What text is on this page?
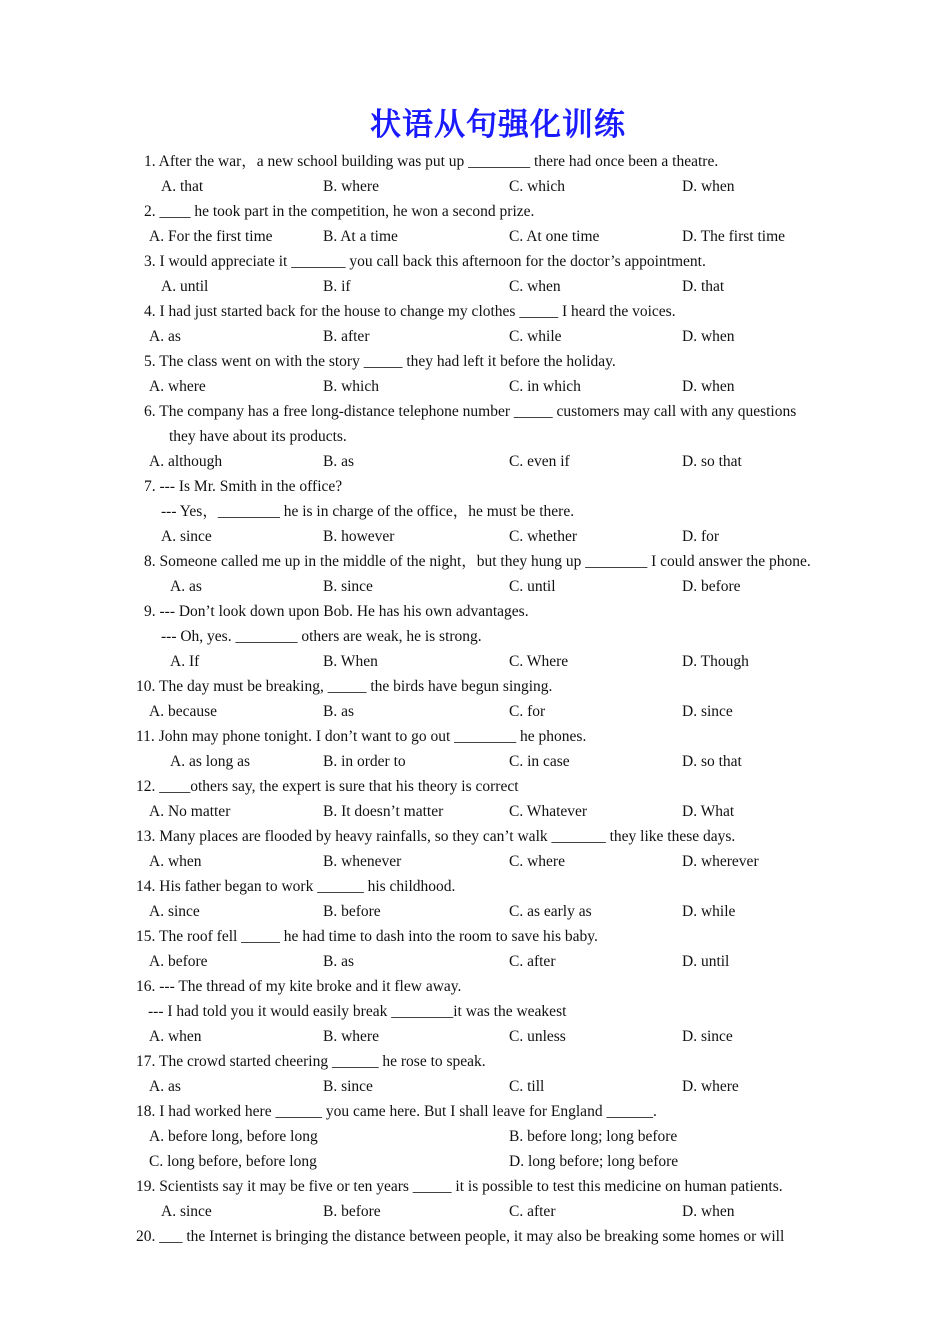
状语从句强化训练
1. After the war，a new school building was put up ________ there had once been a theatre.
A. that	B. where	C. which	D. when
2. ____ he took part in the competition, he won a second prize.
A. For the first time	B. At a time	C. At one time	D. The first time
3. I would appreciate it _______ you call back this afternoon for the doctor’s appointment.
A. until	B. if	C. when	D. that
4. I had just started back for the house to change my clothes _____ I heard the voices.
A. as	B. after	C. while	D. when
5. The class went on with the story _____ they had left it before the holiday.
A. where	B. which	C. in which	D. when
6. The company has a free long-distance telephone number _____ customers may call with any questions
they have about its products.
A. although	B. as	C. even if	D. so that
7. --- Is Mr. Smith in the office?
--- Yes，________ he is in charge of the office，he must be there.
A. since	B. however	C. whether	D. for
8. Someone called me up in the middle of the night，but they hung up ________ I could answer the phone.
A. as	B. since	C. until	D. before
9. --- Don’t look down upon Bob. He has his own advantages.
--- Oh, yes. ________ others are weak, he is strong.
A. If	B. When	C. Where	D. Though
10. The day must be breaking, _____ the birds have begun singing.
A. because	B. as	C. for	D. since
11. John may phone tonight. I don’t want to go out ________ he phones.
A. as long as	B. in order to	C. in case	D. so that
12. ____others say, the expert is sure that his theory is correct
A. No matter	B. It doesn’t matter	C. Whatever	D. What
13. Many places are flooded by heavy rainfalls, so they can’t walk _______ they like these days.
A. when	B. whenever	C. where	D. wherever
14. His father began to work ______ his childhood.
A. since	B. before	C. as early as	D. while
15. The roof fell _____ he had time to dash into the room to save his baby.
A. before	B. as	C. after	D. until
16. --- The thread of my kite broke and it flew away.
--- I had told you it would easily break ________it was the weakest
A. when	B. where	C. unless	D. since
17. The crowd started cheering ______ he rose to speak.
A. as	B. since	C. till	D. where
18. I had worked here ______ you came here. But I shall leave for England ______.
A. before long, before long	B. before long; long before
C. long before, before long	D. long before; long before
19. Scientists say it may be five or ten years _____ it is possible to test this medicine on human patients.
A. since	B. before	C. after	D. when
20. ___ the Internet is bringing the distance between people, it may also be breaking some homes or will
